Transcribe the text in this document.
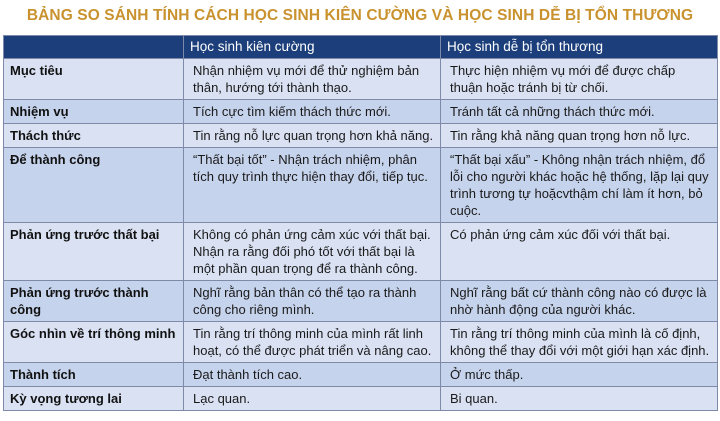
BẢNG SO SÁNH TÍNH CÁCH HỌC SINH KIÊN CƯỜNG VÀ HỌC SINH DỄ BỊ TỔN THƯƠNG
	Học sinh kiên cường	Học sinh dễ bị tổn thương
Mục tiêu	Nhận nhiệm vụ mới để thử nghiệm bản thân, hướng tới thành thạo.	Thực hiện nhiệm vụ mới để được chấp thuận hoặc tránh bị từ chối.
Nhiệm vụ	Tích cực tìm kiếm thách thức mới.	Tránh tất cả những thách thức mới.
Thách thức	Tin rằng nỗ lực quan trọng hơn khả năng.	Tin rằng khả năng quan trọng hơn nỗ lực.
Để thành công	“Thất bại tốt” - Nhận trách nhiệm, phân tích quy trình thực hiện thay đổi, tiếp tục.	“Thất bại xấu” - Không nhận trách nhiệm, đổ lỗi cho người khác hoặc hệ thống, lặp lại quy trình tương tự hoặcvthậm chí làm ít hơn, bỏ cuộc.
Phản ứng trước thất bại	Không có phản ứng cảm xúc với thất bại. Nhận ra rằng đối phó tốt với thất bại là một phần quan trọng để ra thành công.	Có phản ứng cảm xúc đối với thất bại.
Phản ứng trước thành công	Nghĩ rằng bản thân có thể tạo ra thành công cho riêng mình.	Nghĩ rằng bất cứ thành công nào có được là nhờ hành động của người khác.
Góc nhìn về trí thông minh	Tin rằng trí thông minh của mình rất linh hoạt, có thể được phát triển và nâng cao.	Tin rằng trí thông minh của mình là cố định, không thể thay đổi với một giới hạn xác định.
Thành tích	Đạt thành tích cao.	Ở mức thấp.
Kỳ vọng tương lai	Lạc quan.	Bi quan.
